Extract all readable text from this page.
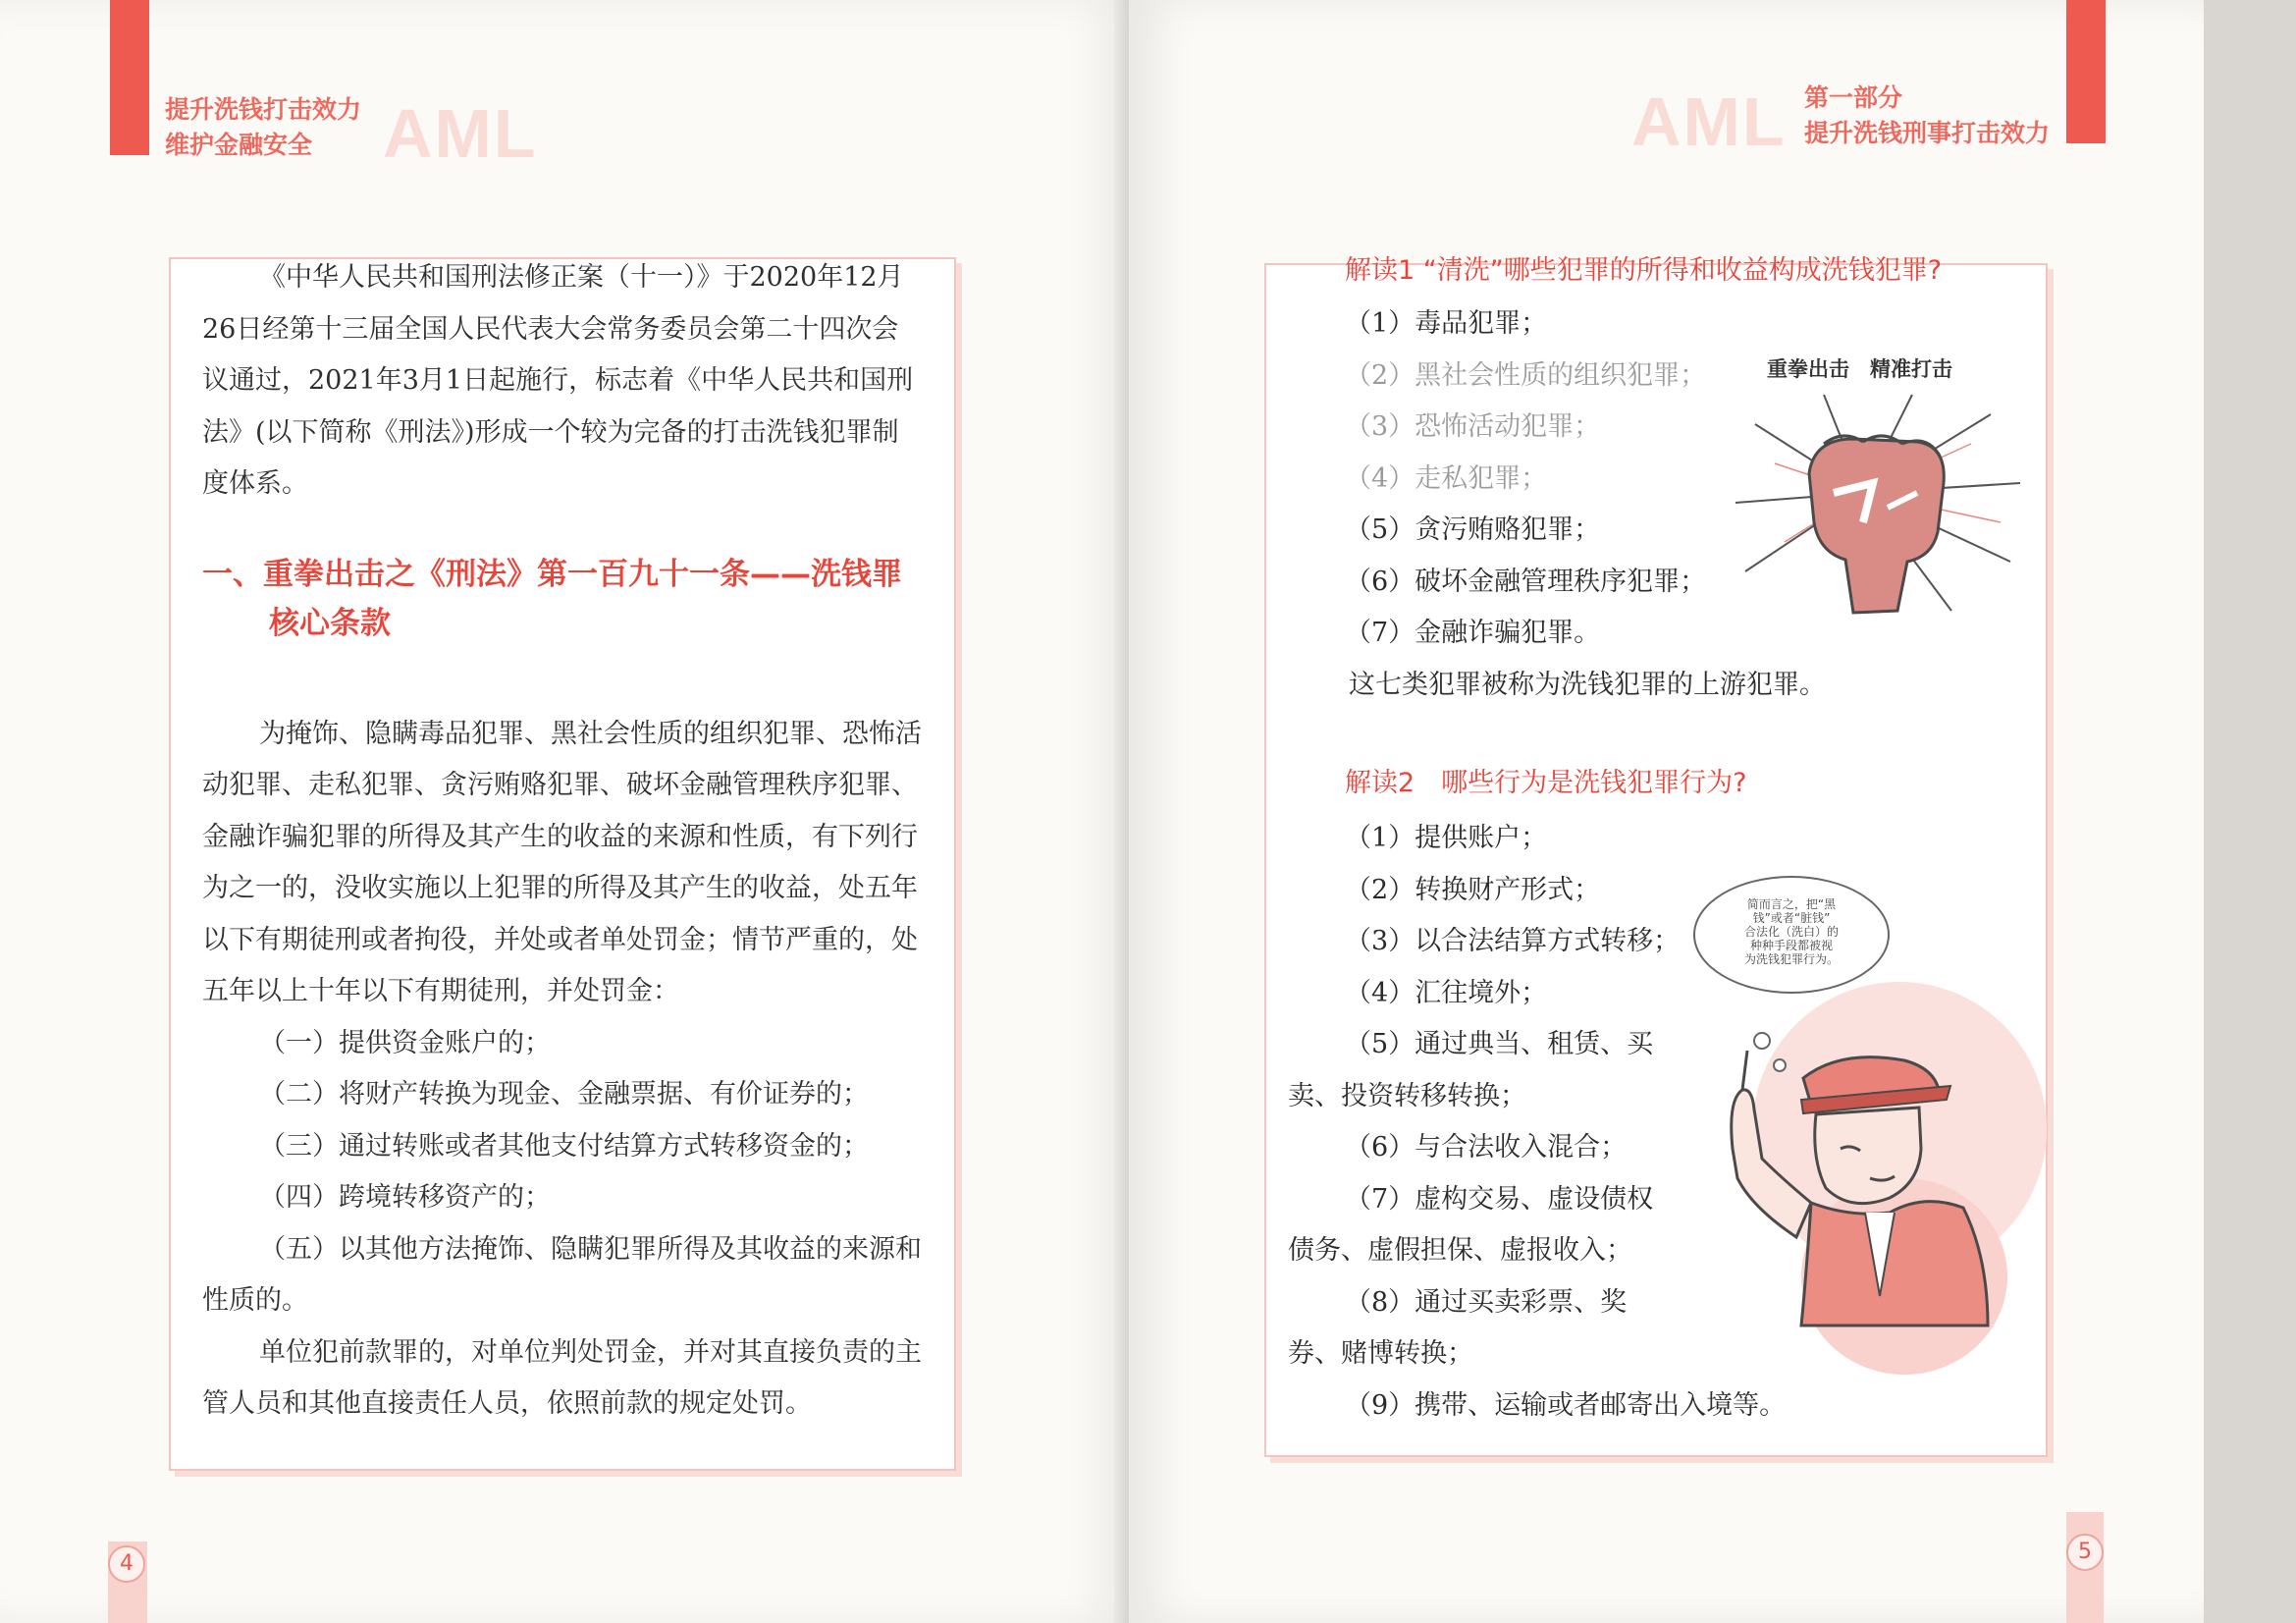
提升洗钱打击效力
维护金融安全 AML

《中华人民共和国刑法修正案（十一）》于2020年12月26日经第十三届全国人民代表大会常务委员会第二十四次会议通过，2021年3月1日起施行，标志着《中华人民共和国刑法》(以下简称《刑法》)形成一个较为完备的打击洗钱犯罪制度体系。

一、重拳出击之《刑法》第一百九十一条——洗钱罪
核心条款

为掩饰、隐瞒毒品犯罪、黑社会性质的组织犯罪、恐怖活动犯罪、走私犯罪、贪污贿赂犯罪、破坏金融管理秩序犯罪、金融诈骗犯罪的所得及其产生的收益的来源和性质，有下列行为之一的，没收实施以上犯罪的所得及其产生的收益，处五年以下有期徒刑或者拘役，并处或者单处罚金；情节严重的，处五年以上十年以下有期徒刑，并处罚金：

（一）提供资金账户的；

（二）将财产转换为现金、金融票据、有价证券的；

（三）通过转账或者其他支付结算方式转移资金的；

（四）跨境转移资产的；

（五）以其他方法掩饰、隐瞒犯罪所得及其收益的来源和性质的。

单位犯前款罪的，对单位判处罚金，并对其直接负责的主管人员和其他直接责任人员，依照前款的规定处罚。

4
AML 第一部分
提升洗钱刑事打击效力

解读1 “清洗”哪些犯罪的所得和收益构成洗钱犯罪?

（1）毒品犯罪；

（2）黑社会性质的组织犯罪；

（3）恐怖活动犯罪；

（4）走私犯罪；

（5）贪污贿赂犯罪；

（6）破坏金融管理秩序犯罪；

（7）金融诈骗犯罪。

这七类犯罪被称为洗钱犯罪的上游犯罪。

重拳出击　精准打击

解读2　哪些行为是洗钱犯罪行为?

（1）提供账户；

（2）转换财产形式；

（3）以合法结算方式转移；

（4）汇往境外；

（5）通过典当、租赁、买

卖、投资转移转换；

（6）与合法收入混合；

（7）虚构交易、虚设债权

债务、虚假担保、虚报收入；

（8）通过买卖彩票、奖

券、赌博转换；

（9）携带、运输或者邮寄出入境等。

简而言之，把“黑
钱”或者“脏钱”
合法化（洗白）的
种种手段都被视
为洗钱犯罪行为。
5
